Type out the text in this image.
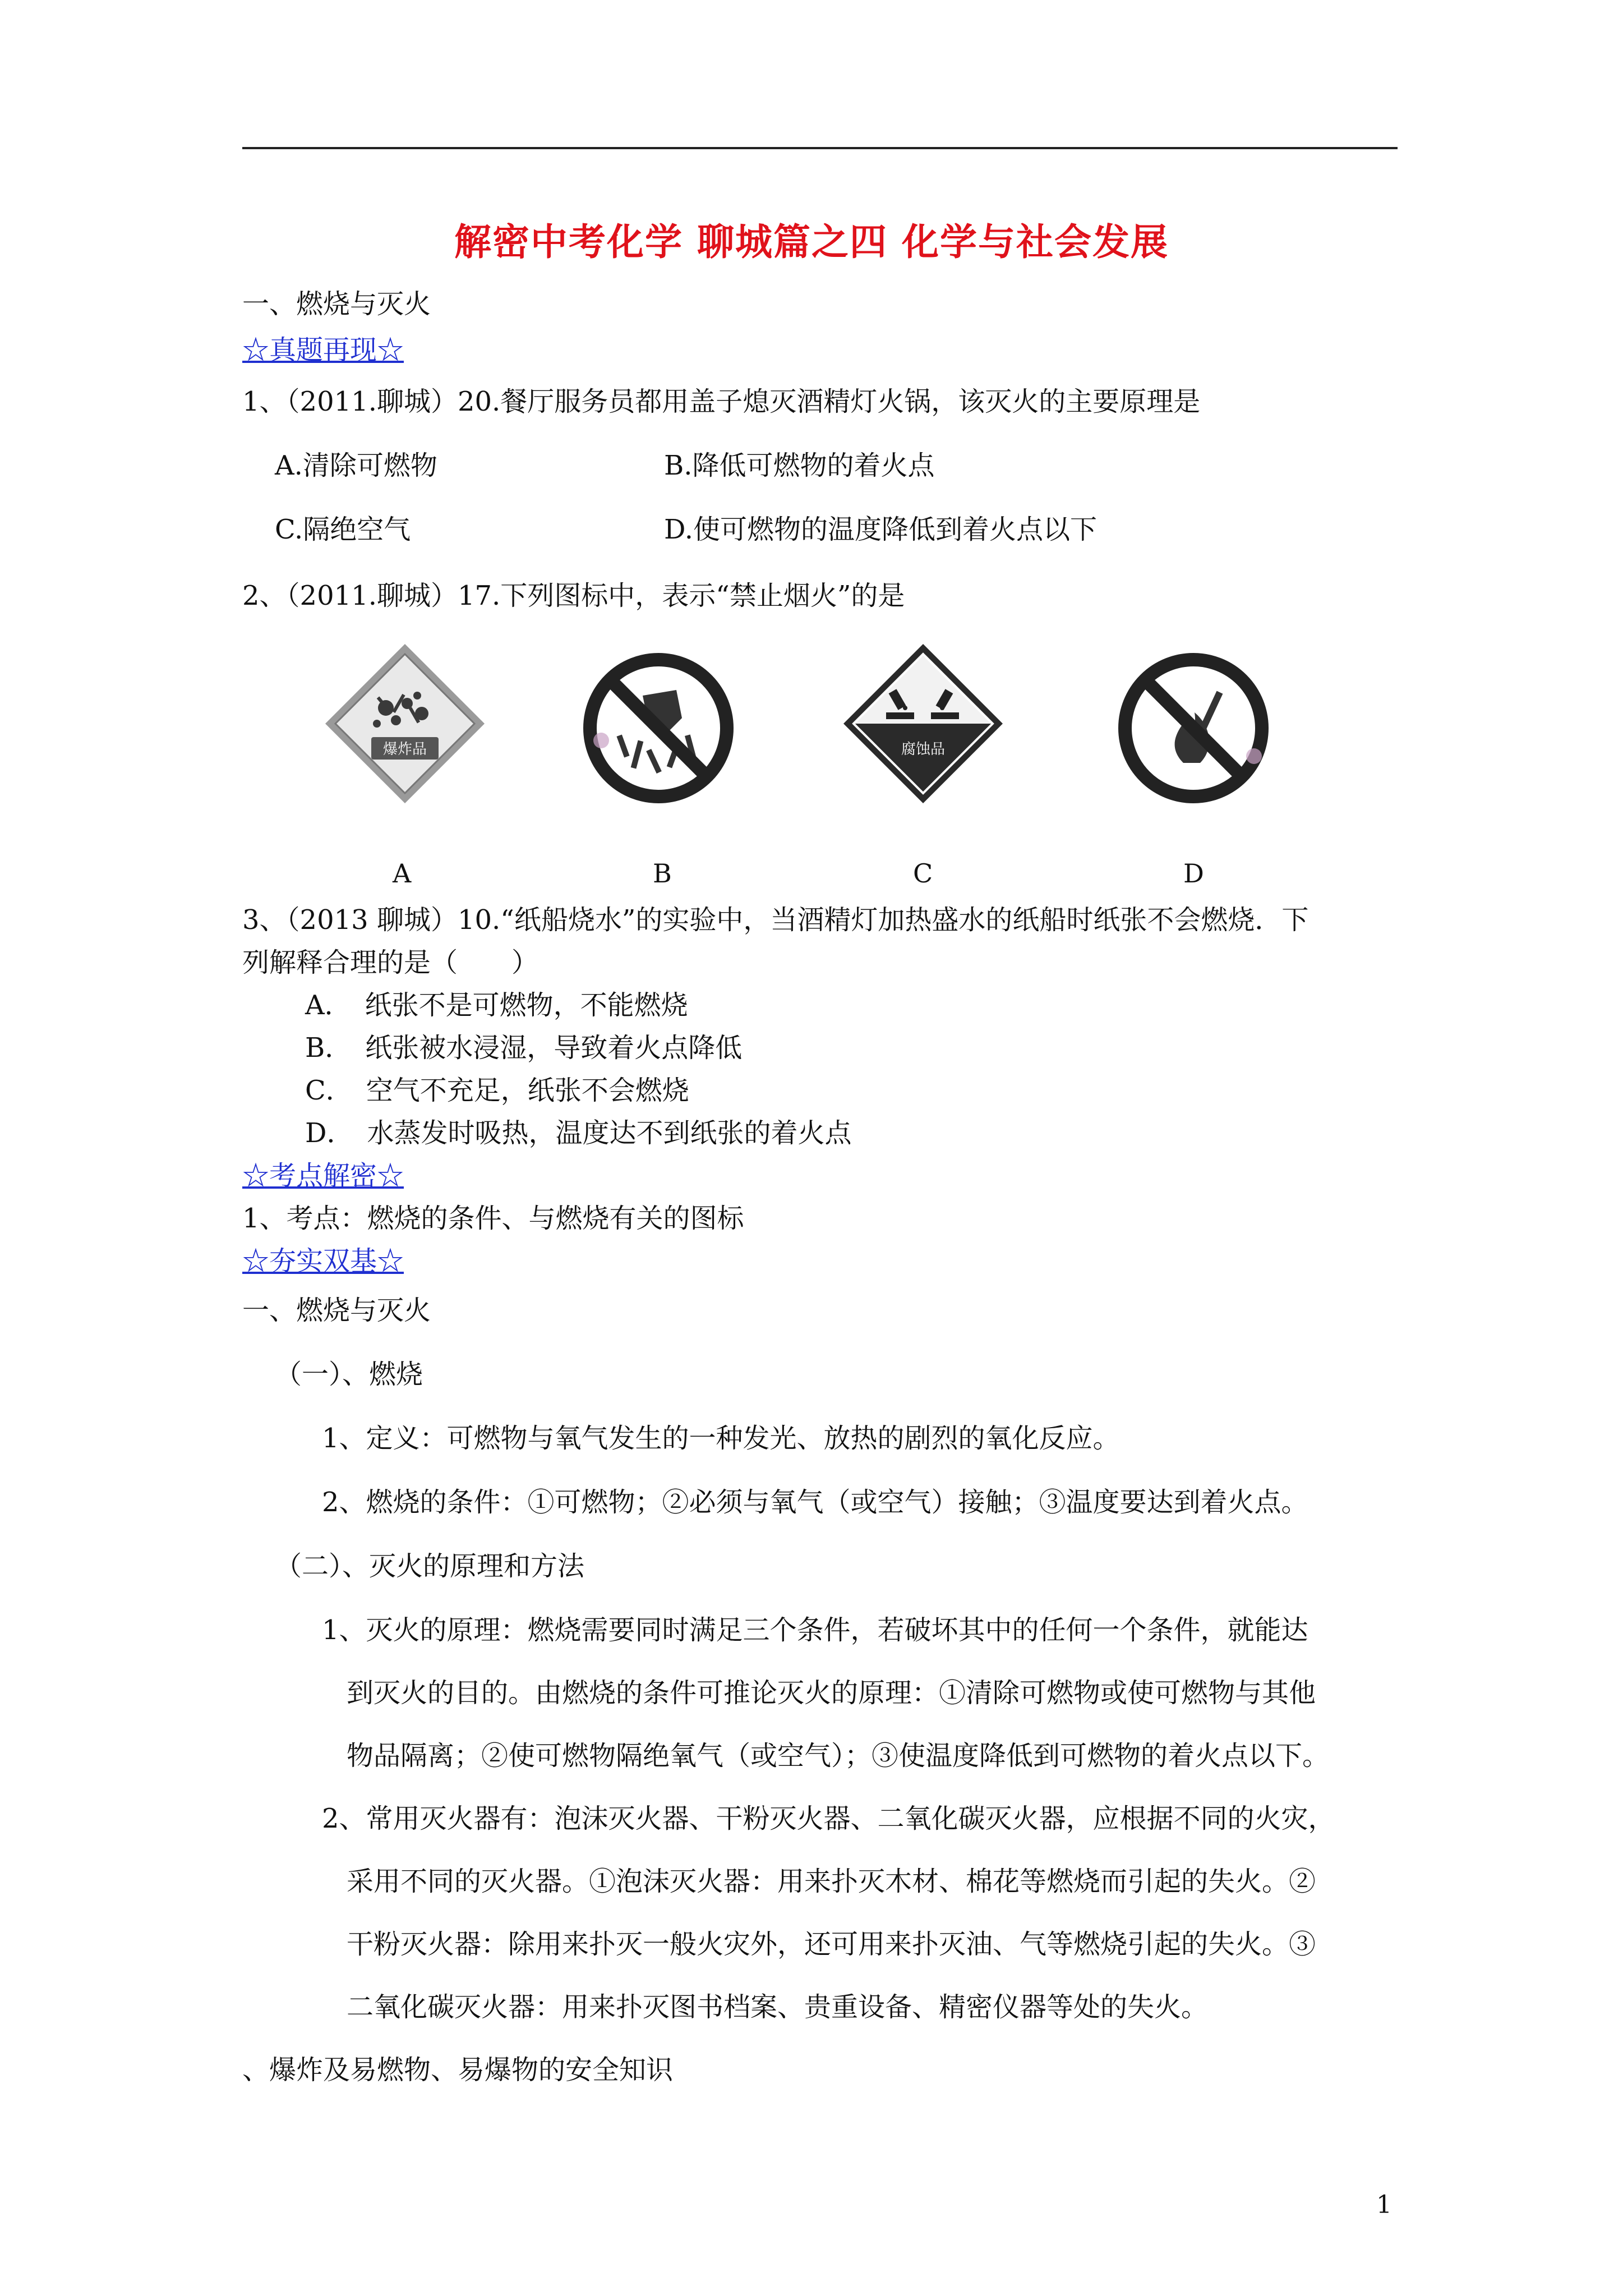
解密中考化学 聊城篇之四 化学与社会发展
一、燃烧与灭火
☆真题再现☆
1、（2011.聊城）20.餐厅服务员都用盖子熄灭酒精灯火锅，该灭火的主要原理是
A.清除可燃物	B.降低可燃物的着火点
C.隔绝空气	D.使可燃物的温度降低到着火点以下
2、（2011.聊城）17.下列图标中，表示“禁止烟火”的是
爆炸品	腐蚀品
A	B	C	D
3、（2013 聊城）10.“纸船烧水”的实验中，当酒精灯加热盛水的纸船时纸张不会燃烧．下
列解释合理的是（　　）
A．　纸张不是可燃物，不能燃烧
B．　纸张被水浸湿，导致着火点降低
C．　空气不充足，纸张不会燃烧
D．　水蒸发时吸热，温度达不到纸张的着火点
☆考点解密☆
1、考点：燃烧的条件、与燃烧有关的图标
☆夯实双基☆
一、燃烧与灭火
（一）、燃烧
1、定义：可燃物与氧气发生的一种发光、放热的剧烈的氧化反应。
2、燃烧的条件：①可燃物；②必须与氧气（或空气）接触；③温度要达到着火点。
（二）、灭火的原理和方法
1、灭火的原理：燃烧需要同时满足三个条件，若破坏其中的任何一个条件，就能达
到灭火的目的。由燃烧的条件可推论灭火的原理：①清除可燃物或使可燃物与其他
物品隔离；②使可燃物隔绝氧气（或空气）；③使温度降低到可燃物的着火点以下。
2、常用灭火器有：泡沫灭火器、干粉灭火器、二氧化碳灭火器，应根据不同的火灾，
采用不同的灭火器。①泡沫灭火器：用来扑灭木材、棉花等燃烧而引起的失火。②
干粉灭火器：除用来扑灭一般火灾外，还可用来扑灭油、气等燃烧引起的失火。③
二氧化碳灭火器：用来扑灭图书档案、贵重设备、精密仪器等处的失火。
、爆炸及易燃物、易爆物的安全知识
1
